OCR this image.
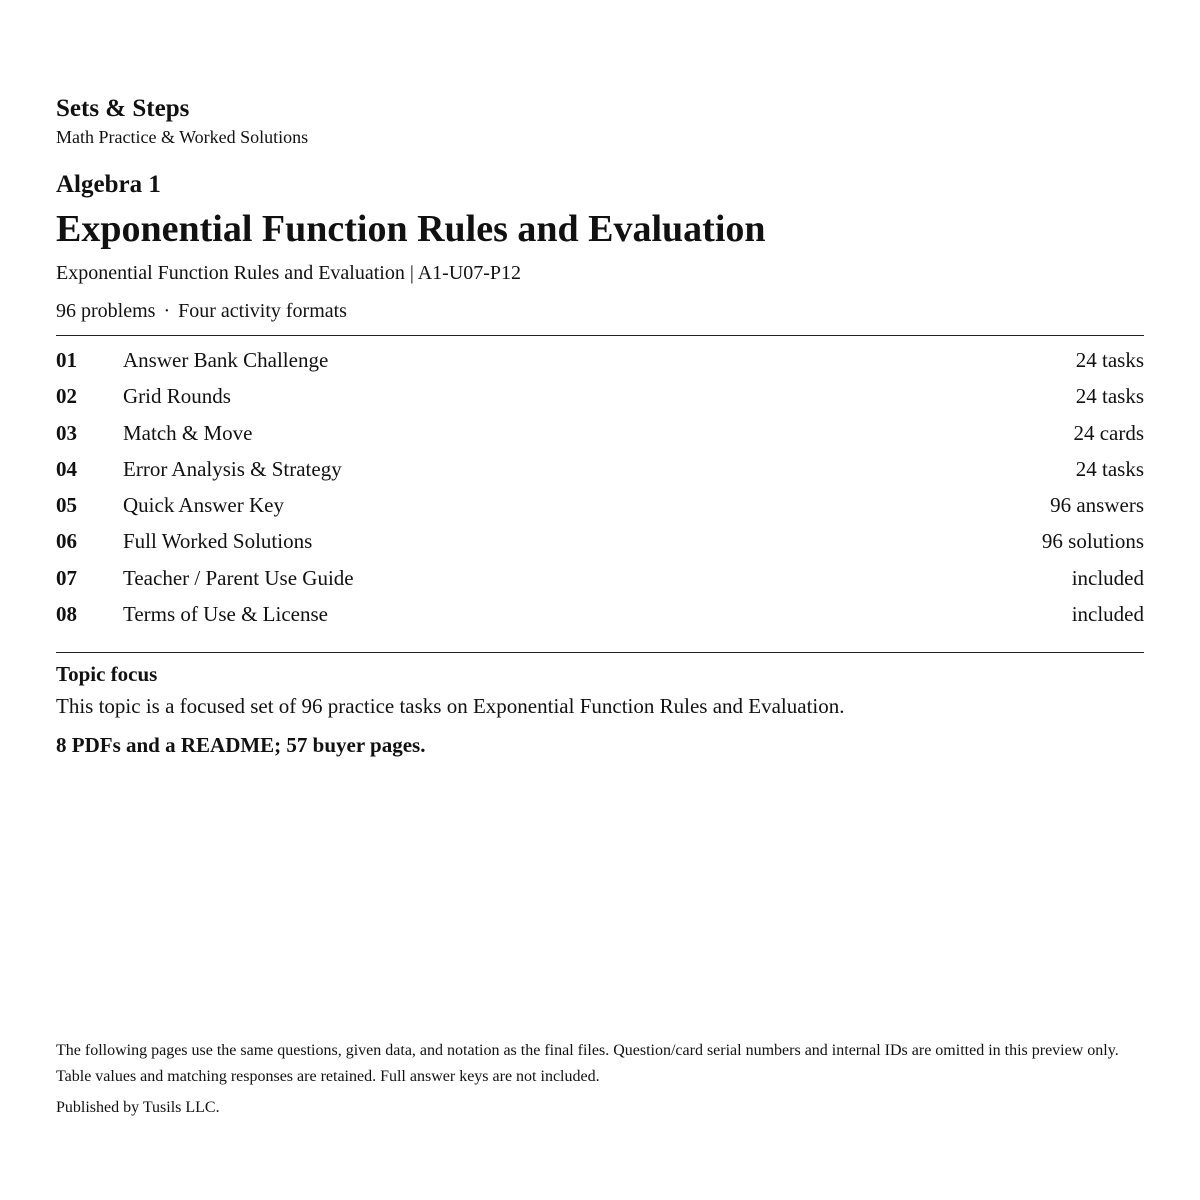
Sets & Steps
Math Practice & Worked Solutions
Algebra 1
Exponential Function Rules and Evaluation
Exponential Function Rules and Evaluation | A1-U07-P12
96 problems · Four activity formats
01 Answer Bank Challenge	24 tasks
02 Grid Rounds	24 tasks
03 Match & Move	24 cards
04 Error Analysis & Strategy	24 tasks
05 Quick Answer Key	96 answers
06 Full Worked Solutions	96 solutions
07 Teacher / Parent Use Guide	included
08 Terms of Use & License	included
Topic focus
This topic is a focused set of 96 practice tasks on Exponential Function Rules and Evaluation.
8 PDFs and a README; 57 buyer pages.
The following pages use the same questions, given data, and notation as the final files. Question/card serial numbers and internal IDs are omitted in this preview only. Table values and matching responses are retained. Full answer keys are not included.
Published by Tusils LLC.
